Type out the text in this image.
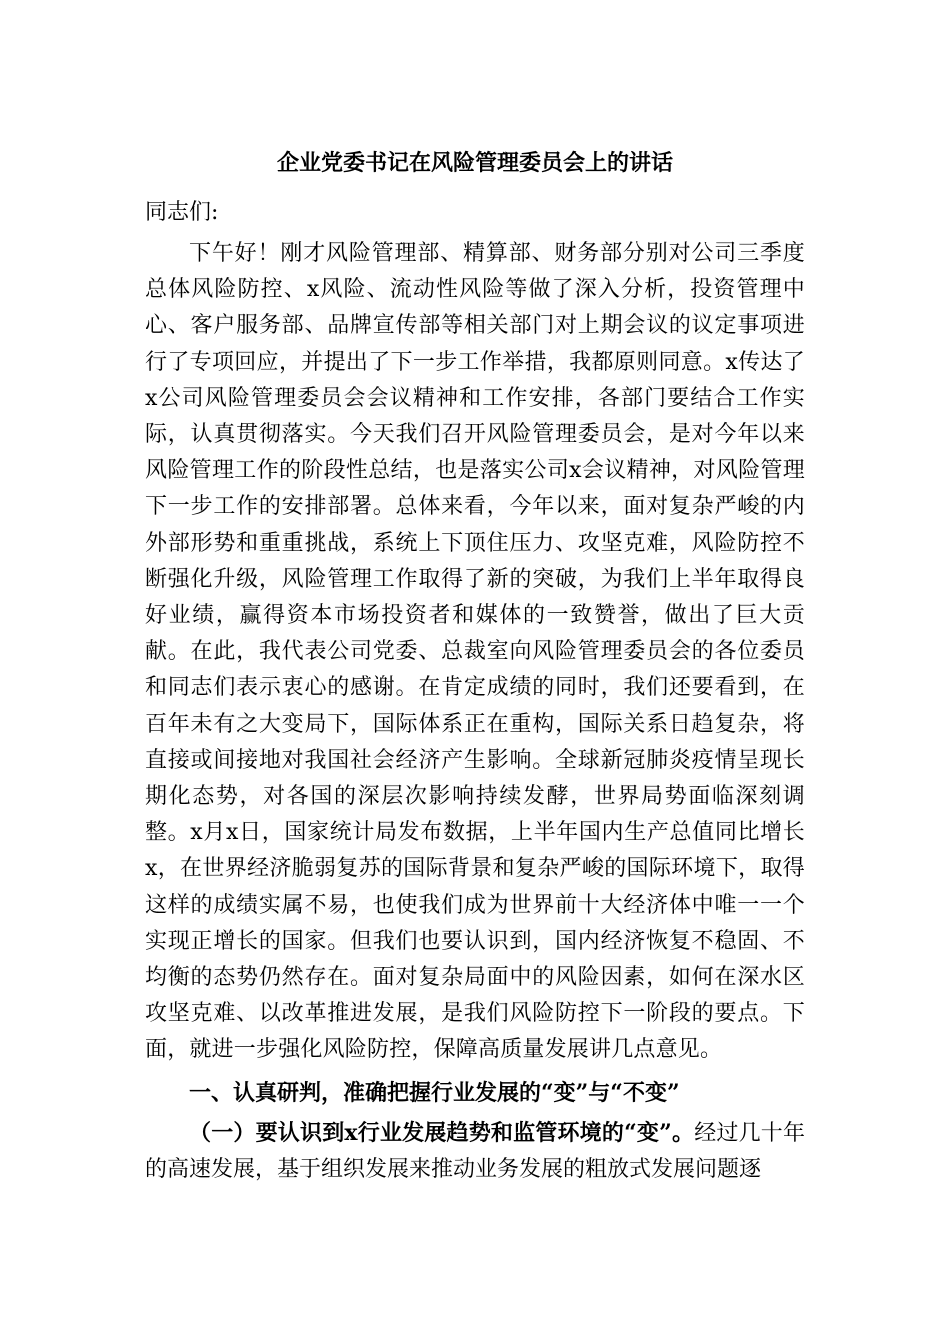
企业党委书记在风险管理委员会上的讲话
同志们:

下午好！刚才风险管理部、精算部、财务部分别对公司三季度总体风险防控、x风险、流动性风险等做了深入分析，投资管理中心、客户服务部、品牌宣传部等相关部门对上期会议的议定事项进行了专项回应，并提出了下一步工作举措，我都原则同意。x传达了x公司风险管理委员会会议精神和工作安排，各部门要结合工作实际，认真贯彻落实。今天我们召开风险管理委员会，是对今年以来风险管理工作的阶段性总结，也是落实公司x会议精神，对风险管理下一步工作的安排部署。总体来看，今年以来，面对复杂严峻的内外部形势和重重挑战，系统上下顶住压力、攻坚克难，风险防控不断强化升级，风险管理工作取得了新的突破，为我们上半年取得良好业绩，赢得资本市场投资者和媒体的一致赞誉，做出了巨大贡献。在此，我代表公司党委、总裁室向风险管理委员会的各位委员和同志们表示衷心的感谢。在肯定成绩的同时，我们还要看到，在百年未有之大变局下，国际体系正在重构，国际关系日趋复杂，将直接或间接地对我国社会经济产生影响。全球新冠肺炎疫情呈现长期化态势，对各国的深层次影响持续发酵，世界局势面临深刻调整。x月x日，国家统计局发布数据，上半年国内生产总值同比增长x，在世界经济脆弱复苏的国际背景和复杂严峻的国际环境下，取得这样的成绩实属不易，也使我们成为世界前十大经济体中唯一一个实现正增长的国家。但我们也要认识到，国内经济恢复不稳固、不均衡的态势仍然存在。面对复杂局面中的风险因素，如何在深水区攻坚克难、以改革推进发展，是我们风险防控下一阶段的要点。下面，就进一步强化风险防控，保障高质量发展讲几点意见。

一、认真研判，准确把握行业发展的“变”与“不变”

（一）要认识到x行业发展趋势和监管环境的“变”。经过几十年的高速发展，基于组织发展来推动业务发展的粗放式发展问题逐
